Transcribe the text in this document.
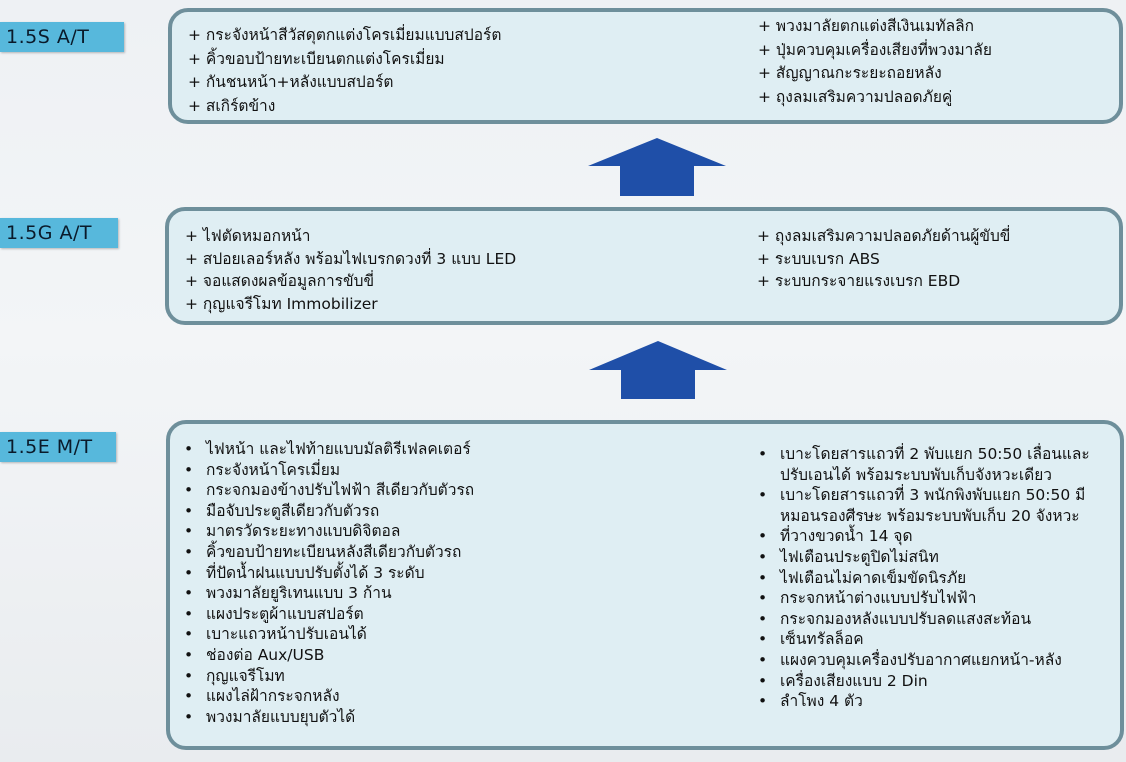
1.5S A/T	+ กระจังหน้าสีวัสดุตกแต่งโครเมี่ยมแบบสปอร์ต
+ คิ้วขอบป้ายทะเบียนตกแต่งโครเมี่ยม
+ กันชนหน้า+หลังแบบสปอร์ต
+ สเกิร์ตข้าง
+ พวงมาลัยตกแต่งสีเงินเมทัลลิก
+ ปุ่มควบคุมเครื่องเสียงที่พวงมาลัย
+ สัญญาณกะระยะถอยหลัง
+ ถุงลมเสริมความปลอดภัยคู่
1.5G A/T	+ ไฟตัดหมอกหน้า
+ สปอยเลอร์หลัง พร้อมไฟเบรกดวงที่ 3 แบบ LED
+ จอแสดงผลข้อมูลการขับขี่
+ กุญแจรีโมท Immobilizer
+ ถุงลมเสริมความปลอดภัยด้านผู้ขับขี่
+ ระบบเบรก ABS
+ ระบบกระจายแรงเบรก EBD
1.5E M/T	• ไฟหน้า และไฟท้ายแบบมัลติรีเฟลคเตอร์
• กระจังหน้าโครเมี่ยม
• กระจกมองข้างปรับไฟฟ้า สีเดียวกับตัวรถ
• มือจับประตูสีเดียวกับตัวรถ
• มาตรวัดระยะทางแบบดิจิตอล
• คิ้วขอบป้ายทะเบียนหลังสีเดียวกับตัวรถ
• ที่ปัดน้ำฝนแบบปรับตั้งได้ 3 ระดับ
• พวงมาลัยยูริเทนแบบ 3 ก้าน
• แผงประตูผ้าแบบสปอร์ต
• เบาะแถวหน้าปรับเอนได้
• ช่องต่อ Aux/USB
• กุญแจรีโมท
• แผงไล่ฝ้ากระจกหลัง
• พวงมาลัยแบบยุบตัวได้
• เบาะโดยสารแถวที่ 2 พับแยก 50:50 เลื่อนและ
ปรับเอนได้ พร้อมระบบพับเก็บจังหวะเดียว
• เบาะโดยสารแถวที่ 3 พนักพิงพับแยก 50:50 มี
หมอนรองศีรษะ พร้อมระบบพับเก็บ 20 จังหวะ
• ที่วางขวดน้ำ 14 จุด
• ไฟเตือนประตูปิดไม่สนิท
• ไฟเตือนไม่คาดเข็มขัดนิรภัย
• กระจกหน้าต่างแบบปรับไฟฟ้า
• กระจกมองหลังแบบปรับลดแสงสะท้อน
• เซ็นทรัลล็อค
• แผงควบคุมเครื่องปรับอากาศแยกหน้า-หลัง
• เครื่องเสียงแบบ 2 Din
• ลำโพง 4 ตัว
